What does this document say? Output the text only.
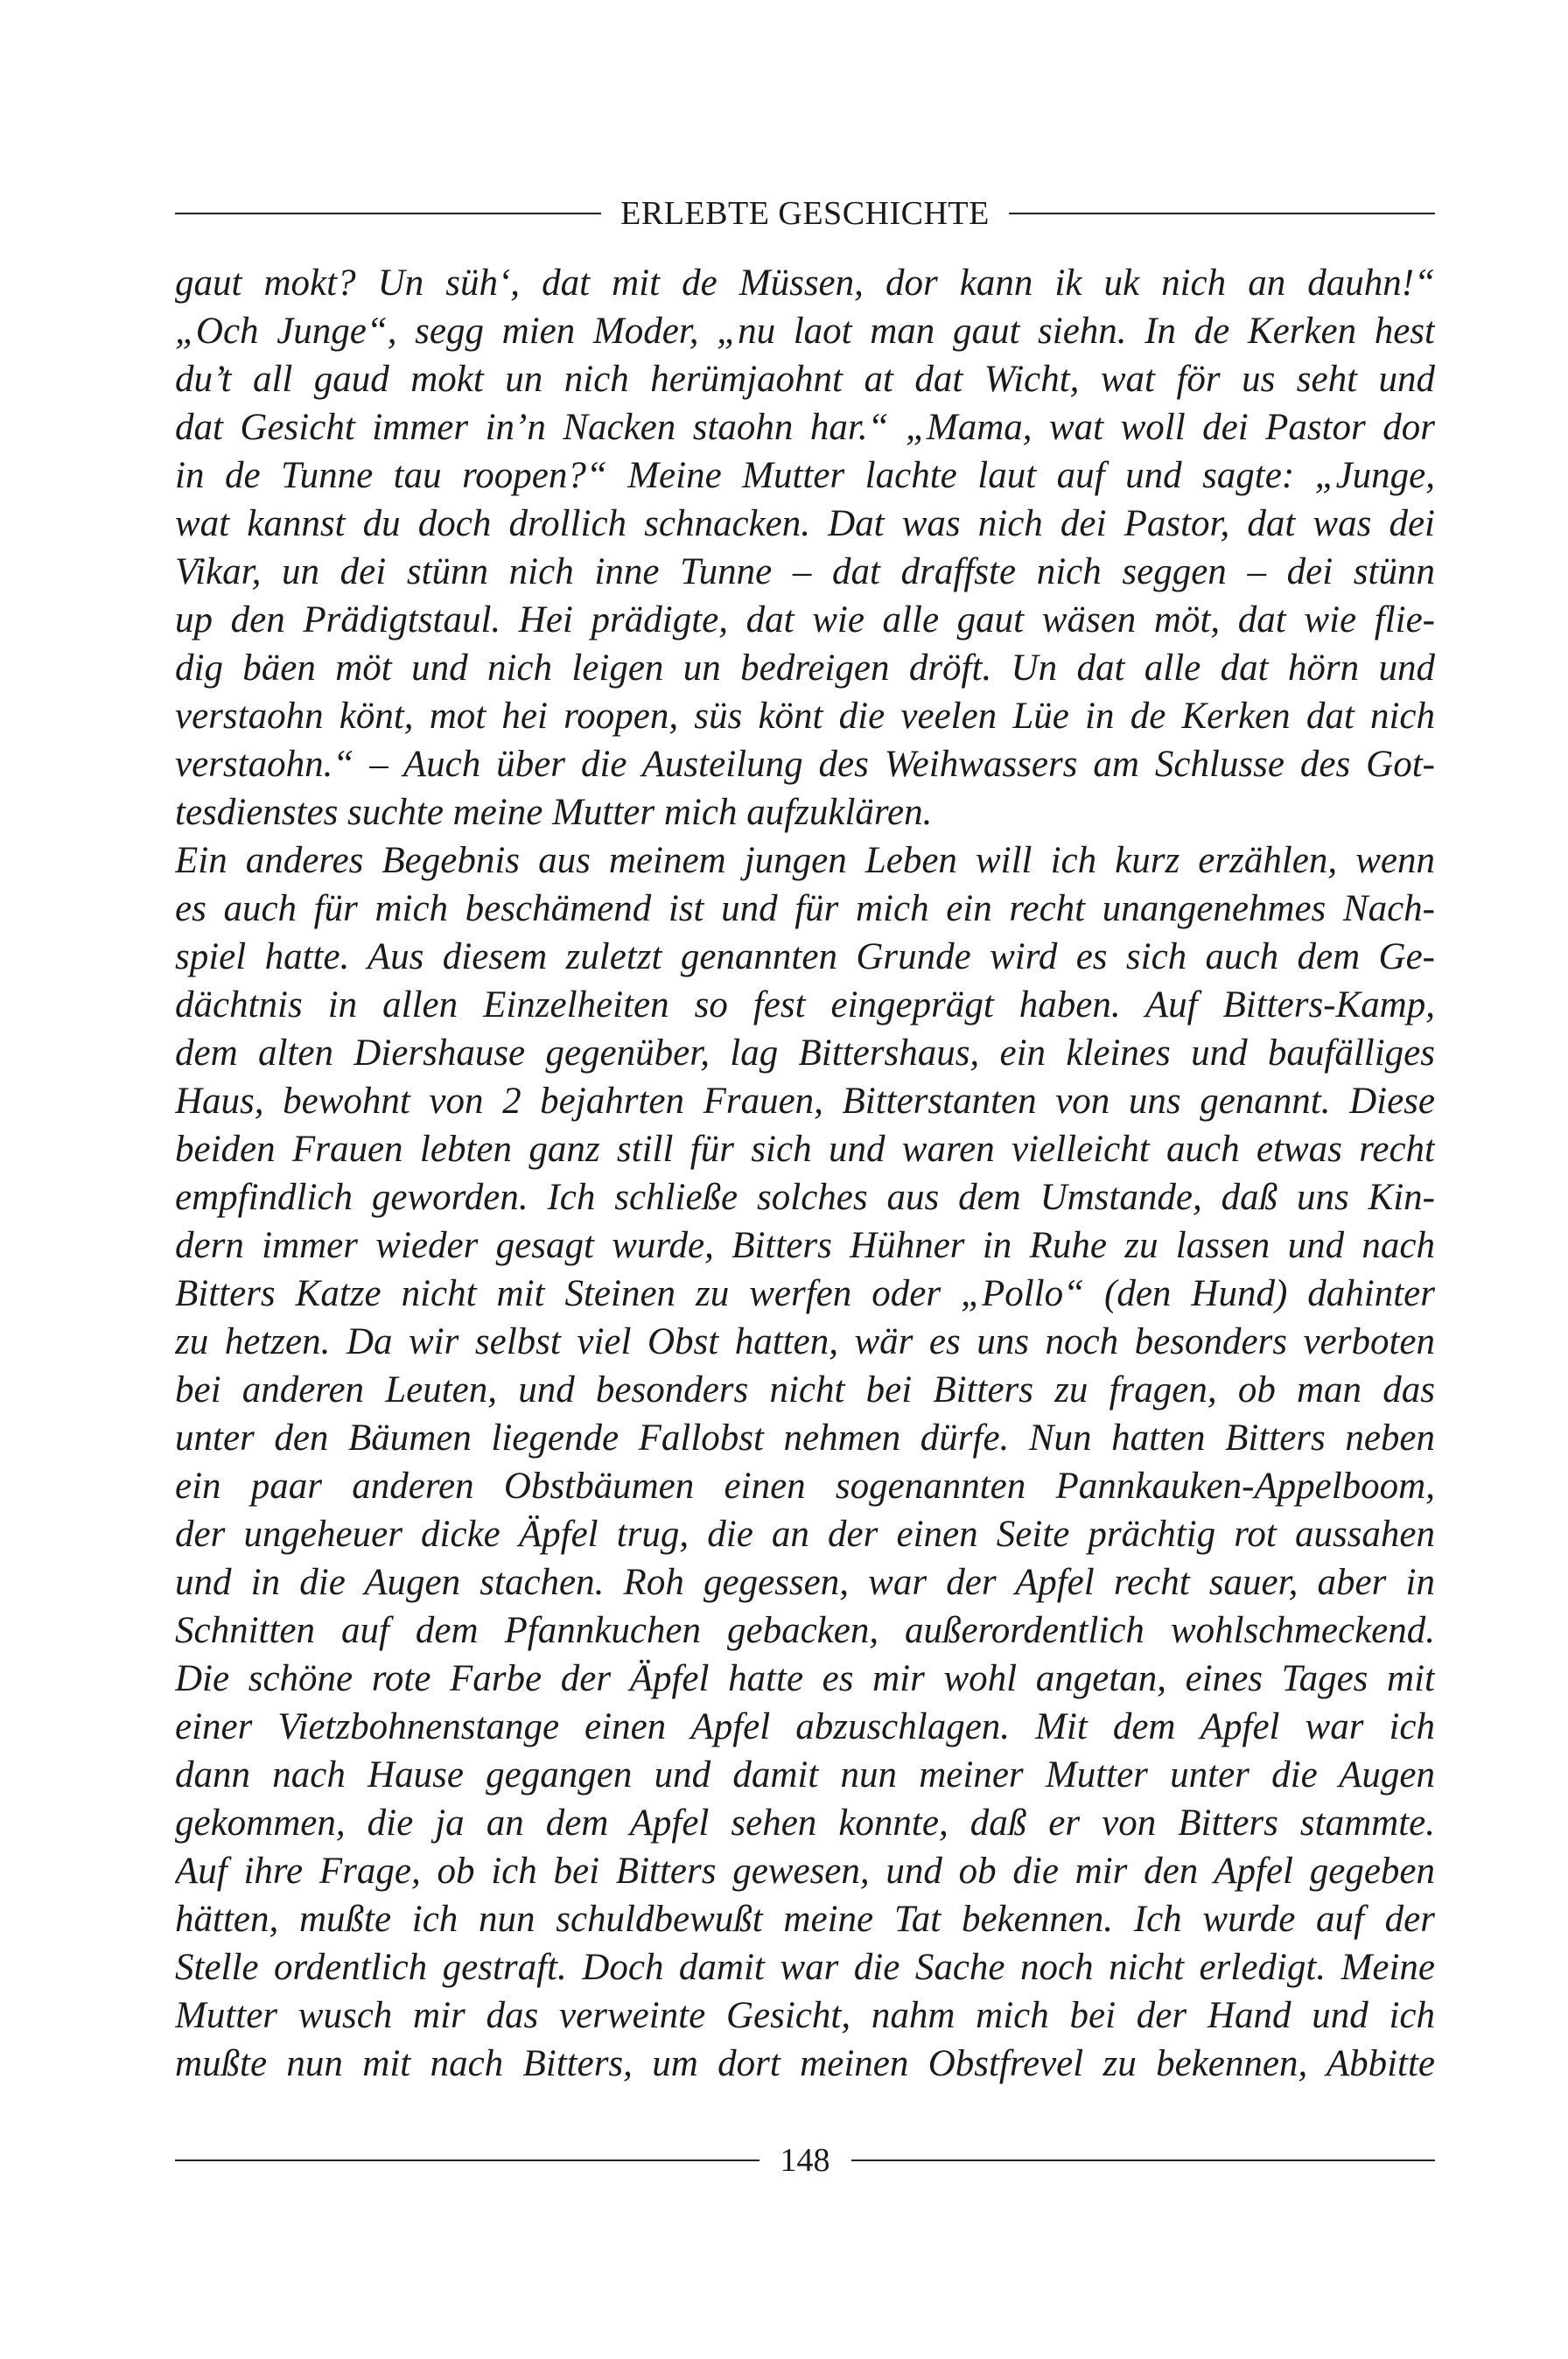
ERLEBTE GESCHICHTE
gaut mokt? Un süh‘, dat mit de Müssen, dor kann ik uk nich an dauhn!“
„Och Junge“, segg mien Moder, „nu laot man gaut siehn. In de Kerken hest
du’t all gaud mokt un nich herümjaohnt at dat Wicht, wat för us seht und
dat Gesicht immer in’n Nacken staohn har.“ „Mama, wat woll dei Pastor dor
in de Tunne tau roopen?“ Meine Mutter lachte laut auf und sagte: „Junge,
wat kannst du doch drollich schnacken. Dat was nich dei Pastor, dat was dei
Vikar, un dei stünn nich inne Tunne – dat draffste nich seggen – dei stünn
up den Prädigtstaul. Hei prädigte, dat wie alle gaut wäsen möt, dat wie flie-
dig bäen möt und nich leigen un bedreigen dröft. Un dat alle dat hörn und
verstaohn könt, mot hei roopen, süs könt die veelen Lüe in de Kerken dat nich
verstaohn.“ – Auch über die Austeilung des Weihwassers am Schlusse des Got-
tesdienstes suchte meine Mutter mich aufzuklären.
Ein anderes Begebnis aus meinem jungen Leben will ich kurz erzählen, wenn
es auch für mich beschämend ist und für mich ein recht unangenehmes Nach-
spiel hatte. Aus diesem zuletzt genannten Grunde wird es sich auch dem Ge-
dächtnis in allen Einzelheiten so fest eingeprägt haben. Auf Bitters-Kamp,
dem alten Diershause gegenüber, lag Bittershaus, ein kleines und baufälliges
Haus, bewohnt von 2 bejahrten Frauen, Bitterstanten von uns genannt. Diese
beiden Frauen lebten ganz still für sich und waren vielleicht auch etwas recht
empfindlich geworden. Ich schließe solches aus dem Umstande, daß uns Kin-
dern immer wieder gesagt wurde, Bitters Hühner in Ruhe zu lassen und nach
Bitters Katze nicht mit Steinen zu werfen oder „Pollo“ (den Hund) dahinter
zu hetzen. Da wir selbst viel Obst hatten, wär es uns noch besonders verboten
bei anderen Leuten, und besonders nicht bei Bitters zu fragen, ob man das
unter den Bäumen liegende Fallobst nehmen dürfe. Nun hatten Bitters neben
ein paar anderen Obstbäumen einen sogenannten Pannkauken-Appelboom,
der ungeheuer dicke Äpfel trug, die an der einen Seite prächtig rot aussahen
und in die Augen stachen. Roh gegessen, war der Apfel recht sauer, aber in
Schnitten auf dem Pfannkuchen gebacken, außerordentlich wohlschmeckend.
Die schöne rote Farbe der Äpfel hatte es mir wohl angetan, eines Tages mit
einer Vietzbohnenstange einen Apfel abzuschlagen. Mit dem Apfel war ich
dann nach Hause gegangen und damit nun meiner Mutter unter die Augen
gekommen, die ja an dem Apfel sehen konnte, daß er von Bitters stammte.
Auf ihre Frage, ob ich bei Bitters gewesen, und ob die mir den Apfel gegeben
hätten, mußte ich nun schuldbewußt meine Tat bekennen. Ich wurde auf der
Stelle ordentlich gestraft. Doch damit war die Sache noch nicht erledigt. Meine
Mutter wusch mir das verweinte Gesicht, nahm mich bei der Hand und ich
mußte nun mit nach Bitters, um dort meinen Obstfrevel zu bekennen, Abbitte
148
